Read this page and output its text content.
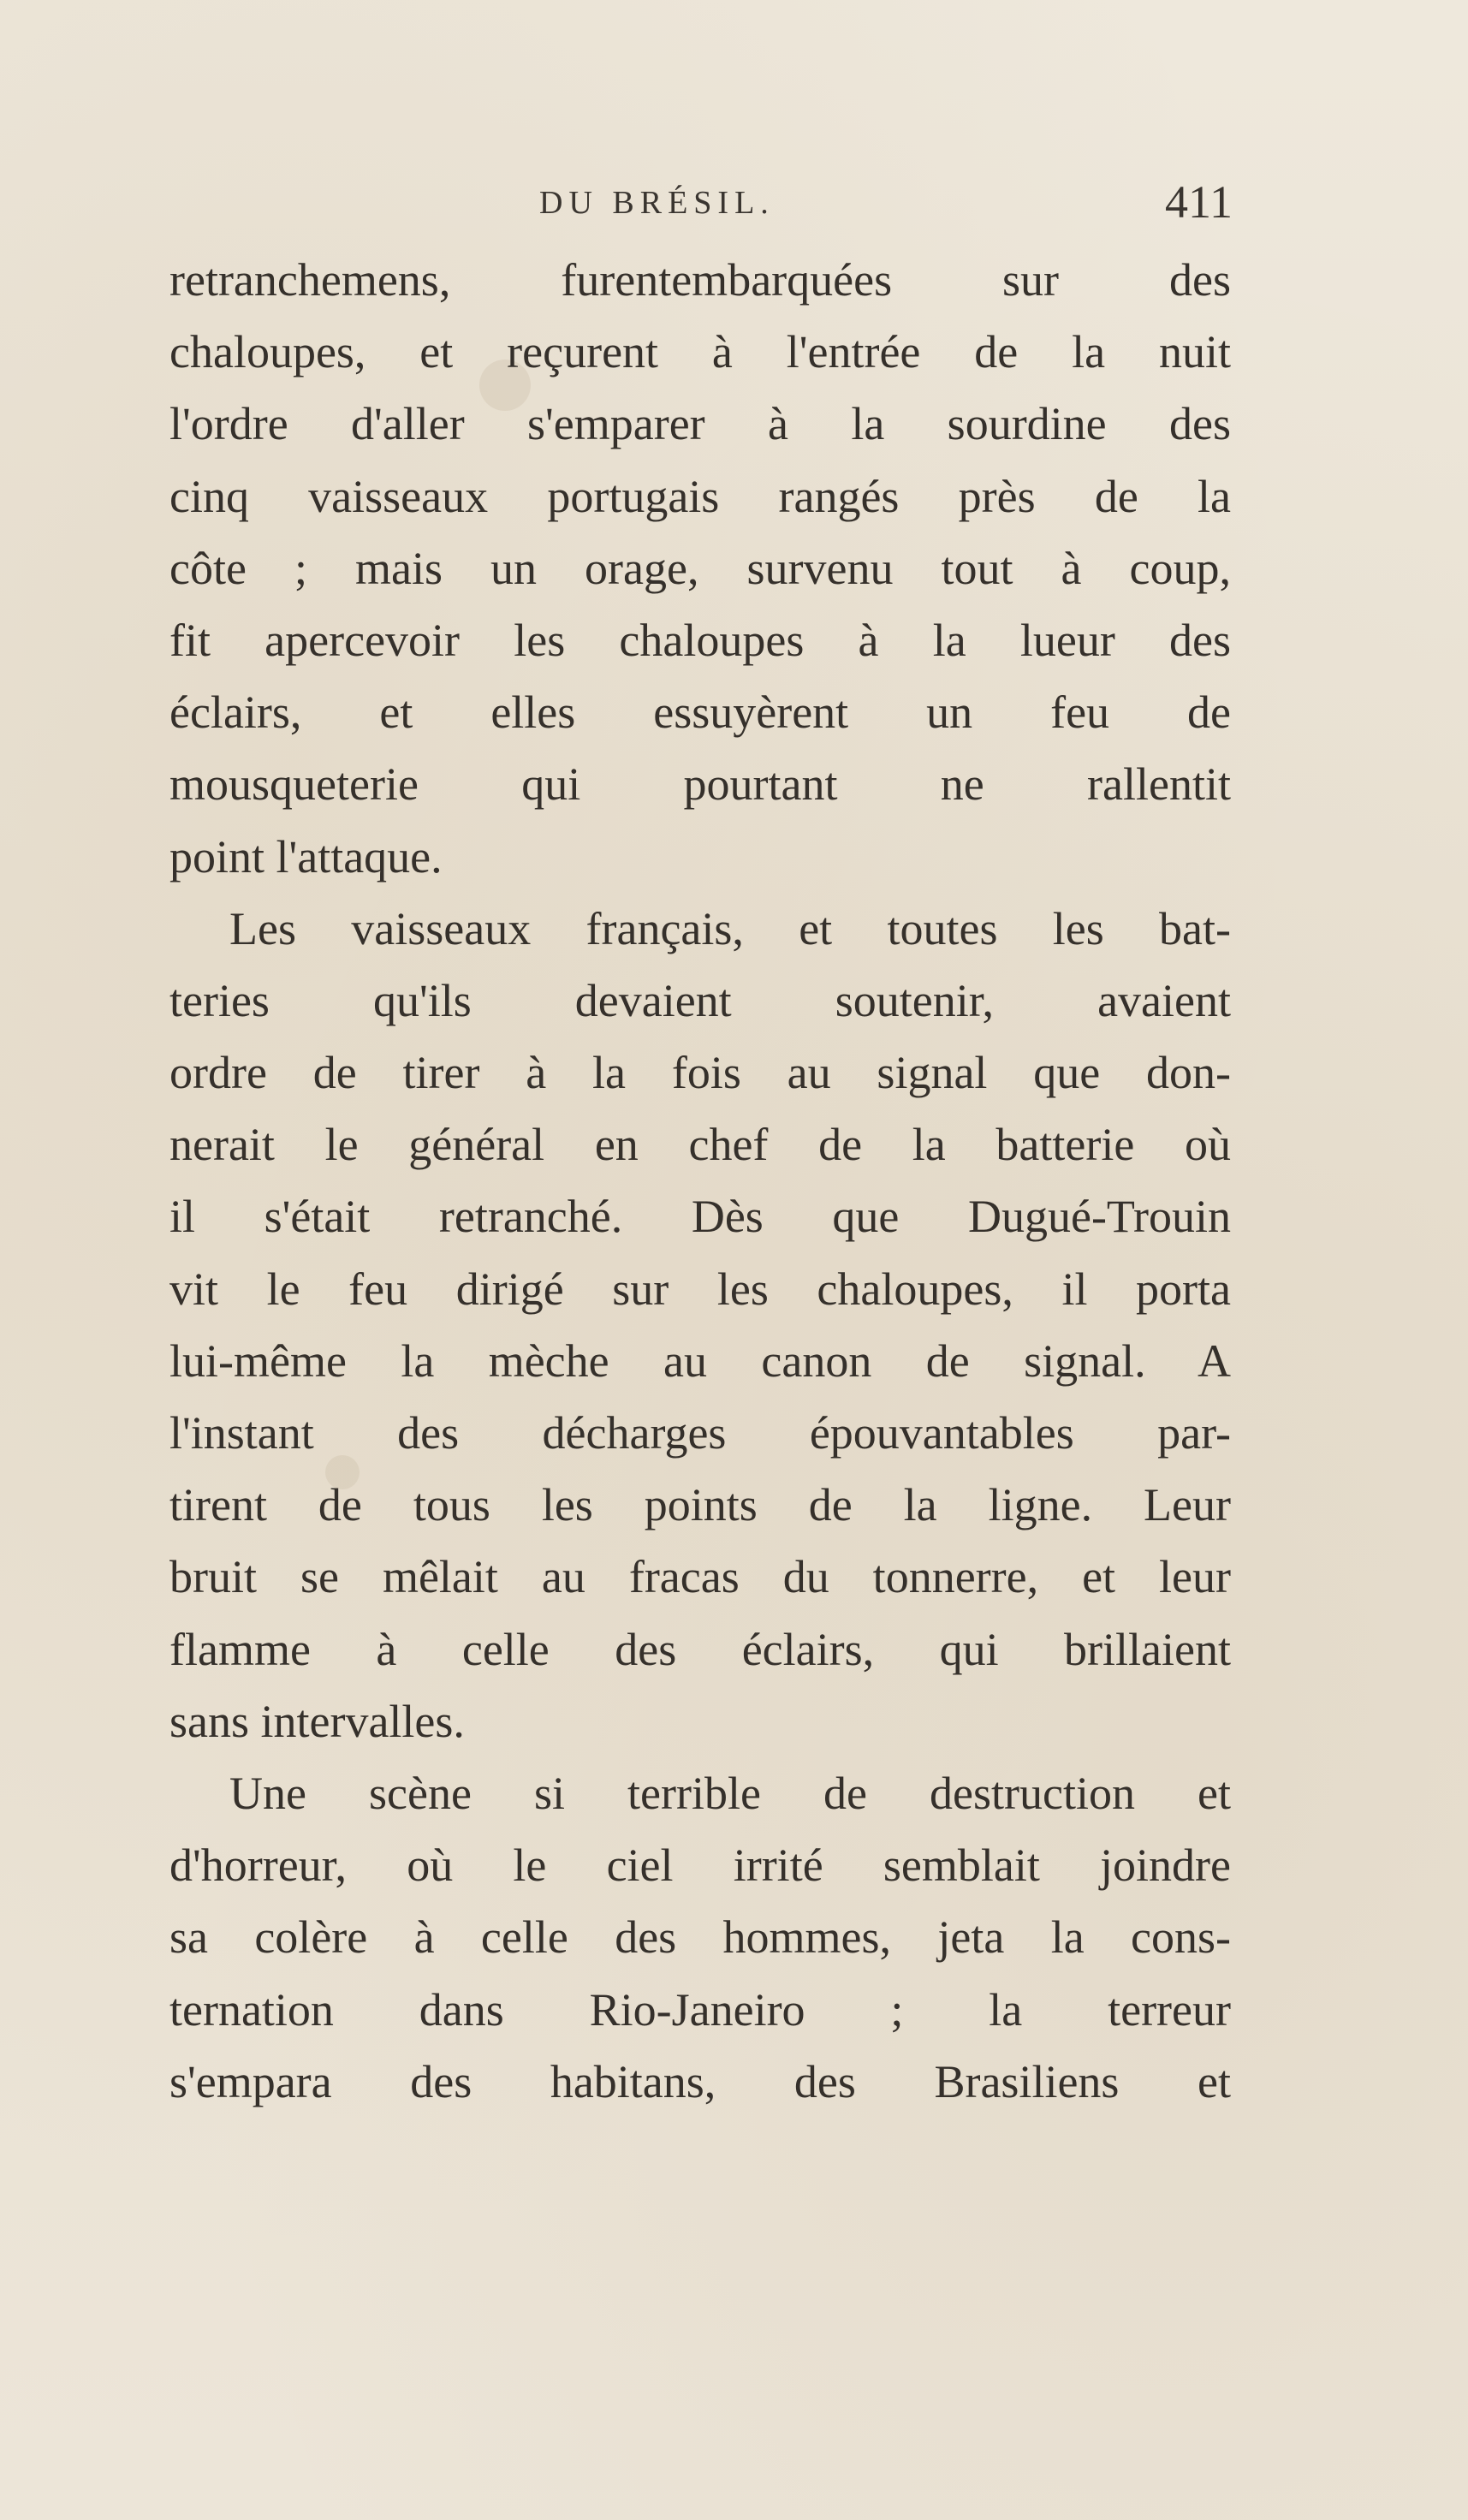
DU BRÉSIL.	411
retranchemens, furentembarquées sur des
chaloupes, et reçurent à l'entrée de la nuit
l'ordre d'aller s'emparer à la sourdine des
cinq vaisseaux portugais rangés près de la
côte ; mais un orage, survenu tout à coup,
fit apercevoir les chaloupes à la lueur des
éclairs, et elles essuyèrent un feu de
mousqueterie qui pourtant ne rallentit
point l'attaque.
Les vaisseaux français, et toutes les bat-
teries qu'ils devaient soutenir, avaient
ordre de tirer à la fois au signal que don-
nerait le général en chef de la batterie où
il s'était retranché. Dès que Dugué-Trouin
vit le feu dirigé sur les chaloupes, il porta
lui-même la mèche au canon de signal. A
l'instant des décharges épouvantables par-
tirent de tous les points de la ligne. Leur
bruit se mêlait au fracas du tonnerre, et leur
flamme à celle des éclairs, qui brillaient
sans intervalles.
Une scène si terrible de destruction et
d'horreur, où le ciel irrité semblait joindre
sa colère à celle des hommes, jeta la cons-
ternation dans Rio-Janeiro ; la terreur
s'empara des habitans, des Brasiliens et
